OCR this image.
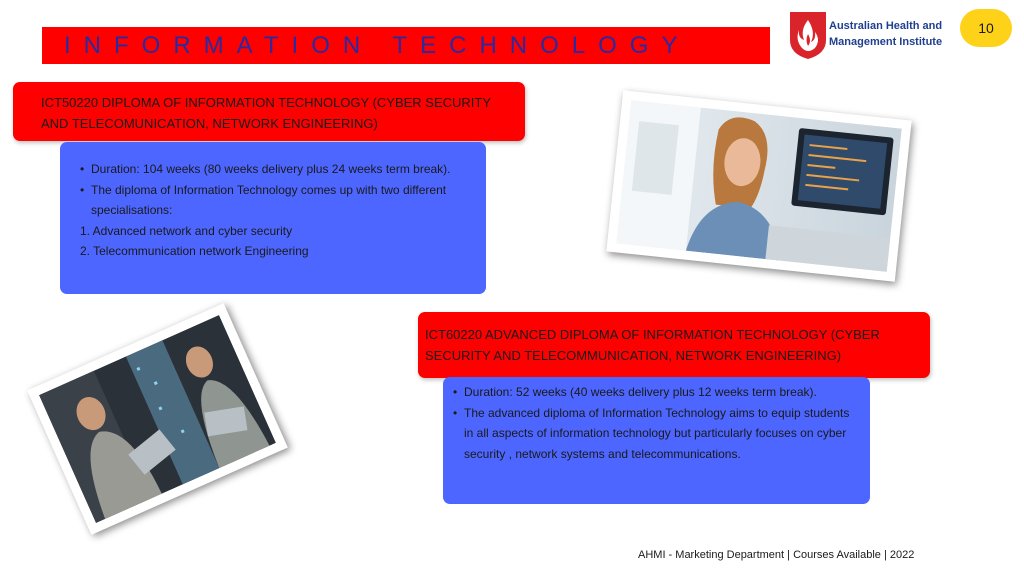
INFORMATION TECHNOLOGY
Australian Health and
Management Institute
10
ICT50220 DIPLOMA OF INFORMATION TECHNOLOGY (CYBER SECURITY AND TELECOMUNICATION, NETWORK ENGINEERING)
• Duration: 104 weeks (80 weeks delivery plus 24 weeks term break).
• The diploma of Information Technology comes up with two different specialisations:
1. Advanced network and cyber security
2. Telecommunication network Engineering
ICT60220 ADVANCED DIPLOMA OF INFORMATION TECHNOLOGY (CYBER SECURITY AND TELECOMMUNICATION, NETWORK ENGINEERING)
• Duration: 52 weeks (40 weeks delivery plus 12 weeks term break).
• The advanced diploma of Information Technology aims to equip students in all aspects of information technology but particularly focuses on cyber security , network systems and telecommunications.
AHMI - Marketing Department | Courses Available | 2022
